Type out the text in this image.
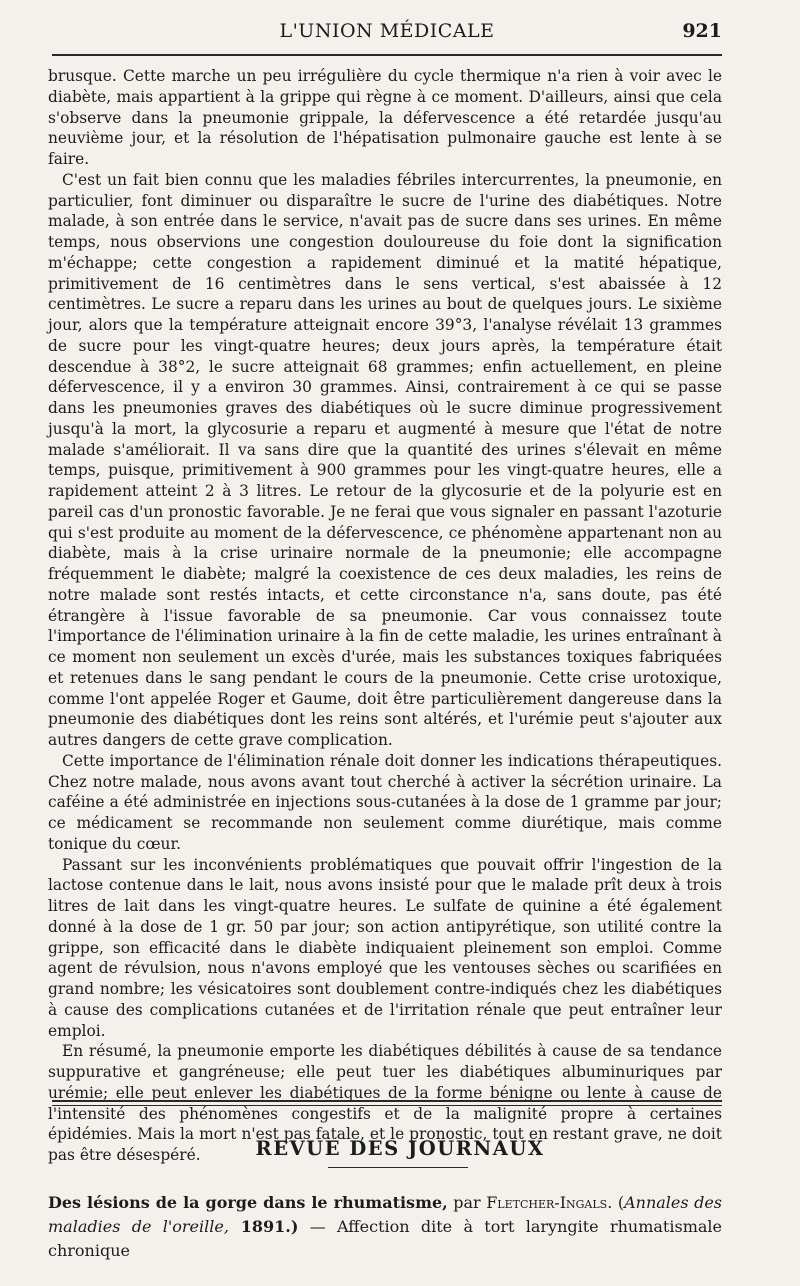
L'UNION MÉDICALE	921

brusque. Cette marche un peu irrégulière du cycle thermique n'a rien à voir avec le diabète, mais appartient à la grippe qui règne à ce moment. D'ailleurs, ainsi que cela s'observe dans la pneumonie grippale, la défervescence a été retardée jusqu'au neuvième jour, et la résolution de l'hépatisation pulmonaire gauche est lente à se faire.

C'est un fait bien connu que les maladies fébriles intercurrentes, la pneumonie, en particulier, font diminuer ou disparaître le sucre de l'urine des diabétiques. Notre malade, à son entrée dans le service, n'avait pas de sucre dans ses urines. En même temps, nous observions une congestion douloureuse du foie dont la signification m'échappe; cette congestion a rapidement diminué et la matité hépatique, primitivement de 16 centimètres dans le sens vertical, s'est abaissée à 12 centimètres. Le sucre a reparu dans les urines au bout de quelques jours. Le sixième jour, alors que la température atteignait encore 39°3, l'analyse révélait 13 grammes de sucre pour les vingt-quatre heures; deux jours après, la température était descendue à 38°2, le sucre atteignait 68 grammes; enfin actuellement, en pleine défervescence, il y a environ 30 grammes. Ainsi, contrairement à ce qui se passe dans les pneumonies graves des diabétiques où le sucre diminue progressivement jusqu'à la mort, la glycosurie a reparu et augmenté à mesure que l'état de notre malade s'améliorait. Il va sans dire que la quantité des urines s'élevait en même temps, puisque, primitivement à 900 grammes pour les vingt-quatre heures, elle a rapidement atteint 2 à 3 litres. Le retour de la glycosurie et de la polyurie est en pareil cas d'un pronostic favorable. Je ne ferai que vous signaler en passant l'azoturie qui s'est produite au moment de la défervescence, ce phénomène appartenant non au diabète, mais à la crise urinaire normale de la pneumonie; elle accompagne fréquemment le diabète; malgré la coexistence de ces deux maladies, les reins de notre malade sont restés intacts, et cette circonstance n'a, sans doute, pas été étrangère à l'issue favorable de sa pneumonie. Car vous connaissez toute l'importance de l'élimination urinaire à la fin de cette maladie, les urines entraînant à ce moment non seulement un excès d'urée, mais les substances toxiques fabriquées et retenues dans le sang pendant le cours de la pneumonie. Cette crise urotoxique, comme l'ont appelée Roger et Gaume, doit être particulièrement dangereuse dans la pneumonie des diabétiques dont les reins sont altérés, et l'urémie peut s'ajouter aux autres dangers de cette grave complication.

Cette importance de l'élimination rénale doit donner les indications thérapeutiques. Chez notre malade, nous avons avant tout cherché à activer la sécrétion urinaire. La caféine a été administrée en injections sous-cutanées à la dose de 1 gramme par jour; ce médicament se recommande non seulement comme diurétique, mais comme tonique du cœur.

Passant sur les inconvénients problématiques que pouvait offrir l'ingestion de la lactose contenue dans le lait, nous avons insisté pour que le malade prît deux à trois litres de lait dans les vingt-quatre heures. Le sulfate de quinine a été également donné à la dose de 1 gr. 50 par jour; son action antipyrétique, son utilité contre la grippe, son efficacité dans le diabète indiquaient pleinement son emploi. Comme agent de révulsion, nous n'avons employé que les ventouses sèches ou scarifiées en grand nombre; les vésicatoires sont doublement contre-indiqués chez les diabétiques à cause des complications cutanées et de l'irritation rénale que peut entraîner leur emploi.

En résumé, la pneumonie emporte les diabétiques débilités à cause de sa tendance suppurative et gangréneuse; elle peut tuer les diabétiques albuminuriques par urémie; elle peut enlever les diabétiques de la forme bénigne ou lente à cause de l'intensité des phénomènes congestifs et de la malignité propre à certaines épidémies. Mais la mort n'est pas fatale, et le pronostic, tout en restant grave, ne doit pas être désespéré.	REVUE DES JOURNAUX
Des lésions de la gorge dans le rhumatisme, par Fletcher-Ingals. (Annales des maladies de l'oreille, 1891.) — Affection dite à tort laryngite rhumatismale chronique
